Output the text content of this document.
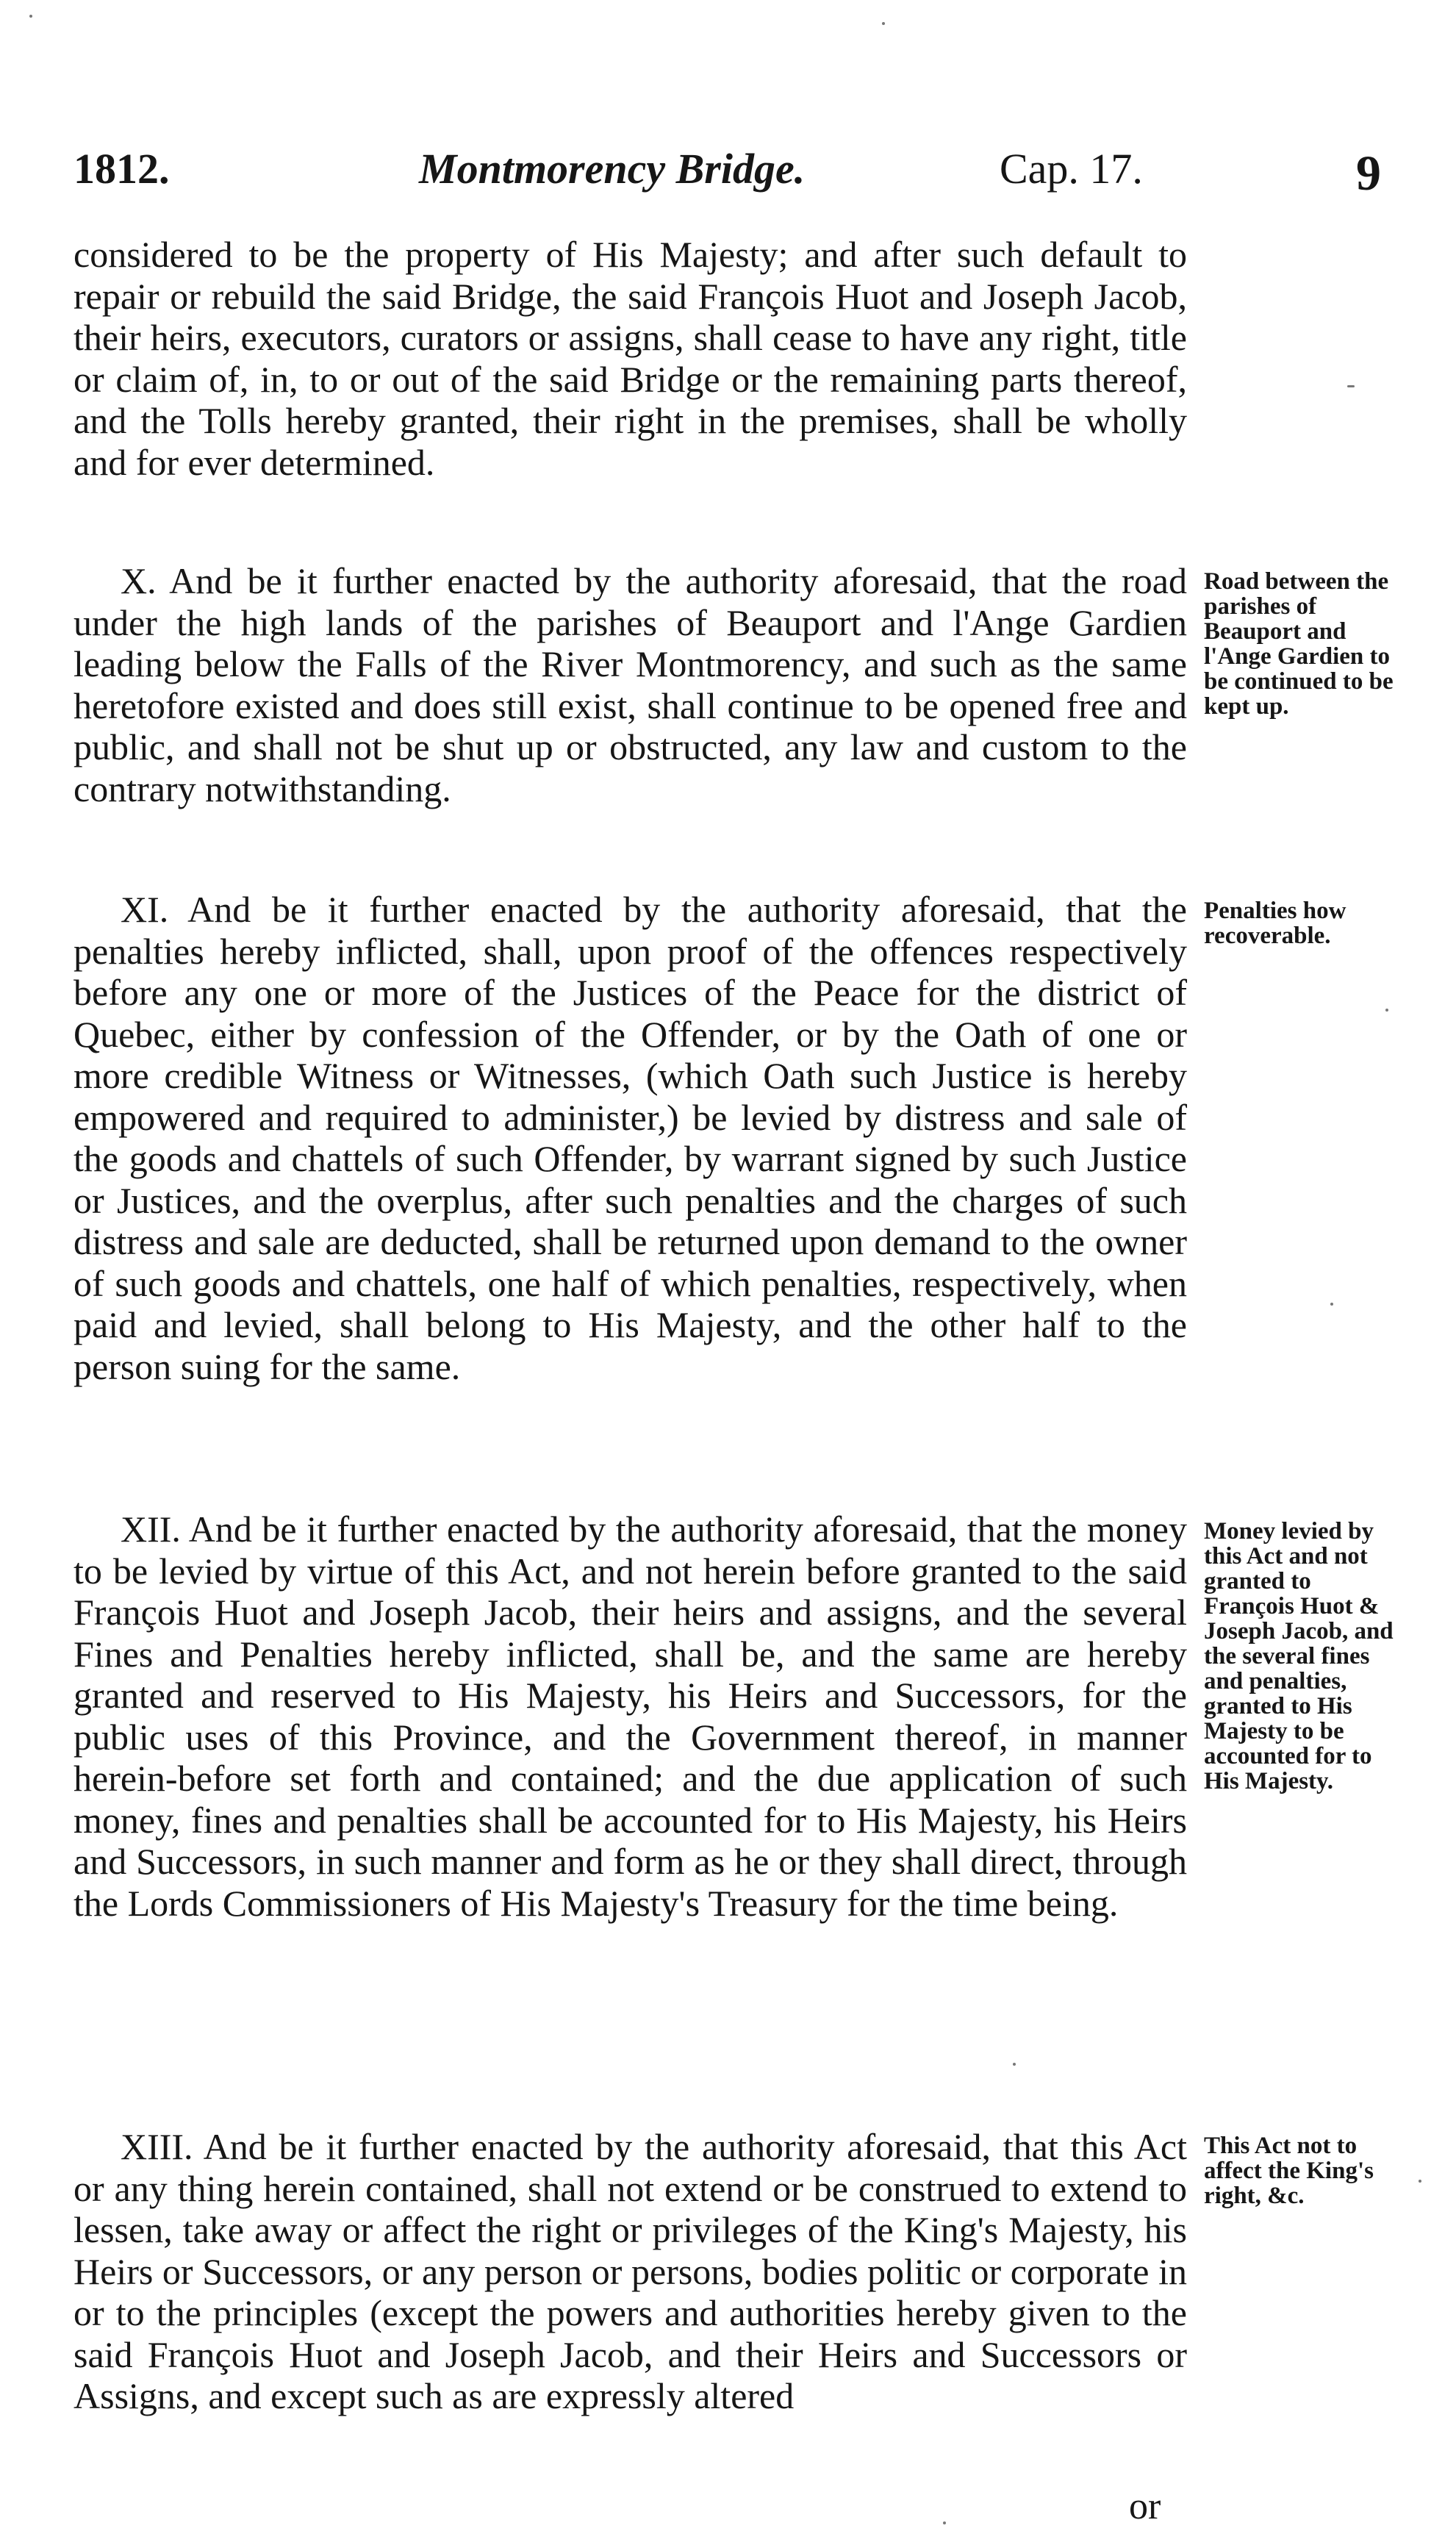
1812.	Montmorency Bridge.	Cap. 17.	9
considered to be the property of His Majesty; and after such default to repair or rebuild the said Bridge, the said François Huot and Joseph Jacob, their heirs, executors, curators or assigns, shall cease to have any right, title or claim of, in, to or out of the said Bridge or the remaining parts thereof, and the Tolls hereby granted, their right in the premises, shall be wholly and for ever determined.
X. And be it further enacted by the authority aforesaid, that the road under the high lands of the parishes of Beauport and l'Ange Gardien leading below the Falls of the River Montmorency, and such as the same heretofore existed and does still exist, shall continue to be opened free and public, and shall not be shut up or obstructed, any law and custom to the contrary notwithstanding.
Road between the parishes of Beauport and l'Ange Gardien to be continued to be kept up.
XI. And be it further enacted by the authority aforesaid, that the penalties hereby inflicted, shall, upon proof of the offences respectively before any one or more of the Justices of the Peace for the district of Quebec, either by confession of the Offender, or by the Oath of one or more credible Witness or Witnesses, (which Oath such Justice is hereby empowered and required to administer,) be levied by distress and sale of the goods and chattels of such Offender, by warrant signed by such Justice or Justices, and the overplus, after such penalties and the charges of such distress and sale are deducted, shall be returned upon demand to the owner of such goods and chattels, one half of which penalties, respectively, when paid and levied, shall belong to His Majesty, and the other half to the person suing for the same.
Penalties how recoverable.
XII. And be it further enacted by the authority aforesaid, that the money to be levied by virtue of this Act, and not herein before granted to the said François Huot and Joseph Jacob, their heirs and assigns, and the several Fines and Penalties hereby inflicted, shall be, and the same are hereby granted and reserved to His Majesty, his Heirs and Successors, for the public uses of this Province, and the Government thereof, in manner herein-before set forth and contained; and the due application of such money, fines and penalties shall be accounted for to His Majesty, his Heirs and Successors, in such manner and form as he or they shall direct, through the Lords Commissioners of His Majesty's Treasury for the time being.
Money levied by this Act and not granted to François Huot & Joseph Jacob, and the several fines and penalties, granted to His Majesty to be accounted for to His Majesty.
XIII. And be it further enacted by the authority aforesaid, that this Act or any thing herein contained, shall not extend or be construed to extend to lessen, take away or affect the right or privileges of the King's Majesty, his Heirs or Successors, or any person or persons, bodies politic or corporate in or to the principles (except the powers and authorities hereby given to the said François Huot and Joseph Jacob, and their Heirs and Successors or Assigns, and except such as are expressly altered
This Act not to affect the King's right, &c.
or
